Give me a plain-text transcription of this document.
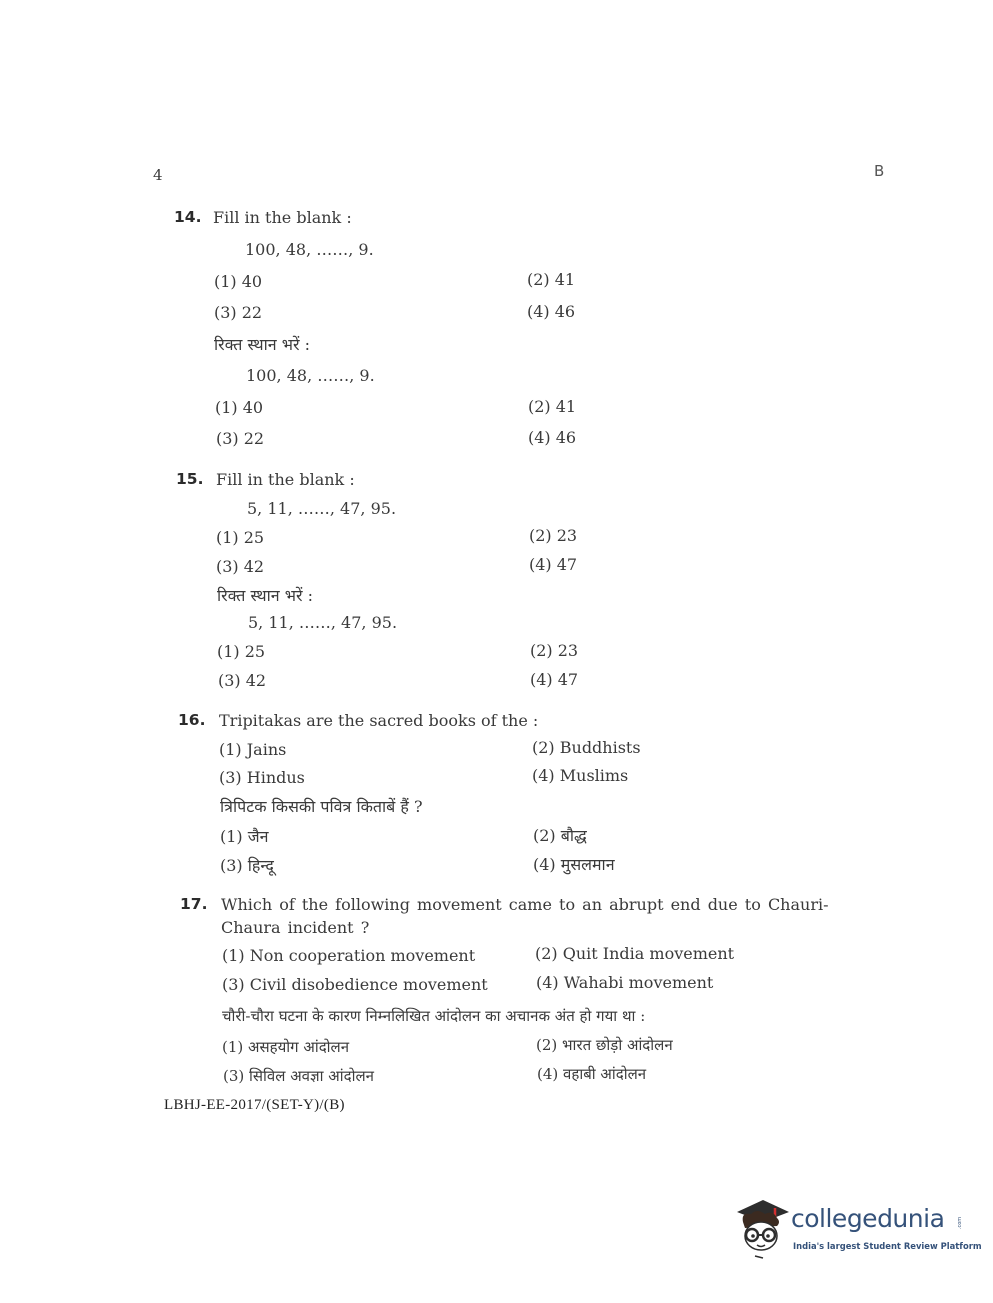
4	B
14. Fill in the blank :
100, 48, ……, 9.
(1) 40	(2) 41
(3) 22	(4) 46
रिक्त स्थान भरें :
100, 48, ……, 9.
(1) 40	(2) 41
(3) 22	(4) 46
15. Fill in the blank :
5, 11, ……, 47, 95.
(1) 25	(2) 23
(3) 42	(4) 47
रिक्त स्थान भरें :
5, 11, ……, 47, 95.
(1) 25	(2) 23
(3) 42	(4) 47
16. Tripitakas are the sacred books of the :
(1) Jains	(2) Buddhists
(3) Hindus	(4) Muslims
त्रिपिटक किसकी पवित्र किताबें हैं ?
(1) जैन	(2) बौद्ध
(3) हिन्दू	(4) मुसलमान
17. Which of the following movement came to an abrupt end due to Chauri-Chaura incident ?
(1) Non cooperation movement	(2) Quit India movement
(3) Civil disobedience movement	(4) Wahabi movement
चौरी-चौरा घटना के कारण निम्नलिखित आंदोलन का अचानक अंत हो गया था :
(1) असहयोग आंदोलन	(2) भारत छोड़ो आंदोलन
(3) सिविल अवज्ञा आंदोलन	(4) वहाबी आंदोलन
LBHJ-EE-2017/(SET-Y)/(B)
collegedunia	.com
India's largest Student Review Platform
